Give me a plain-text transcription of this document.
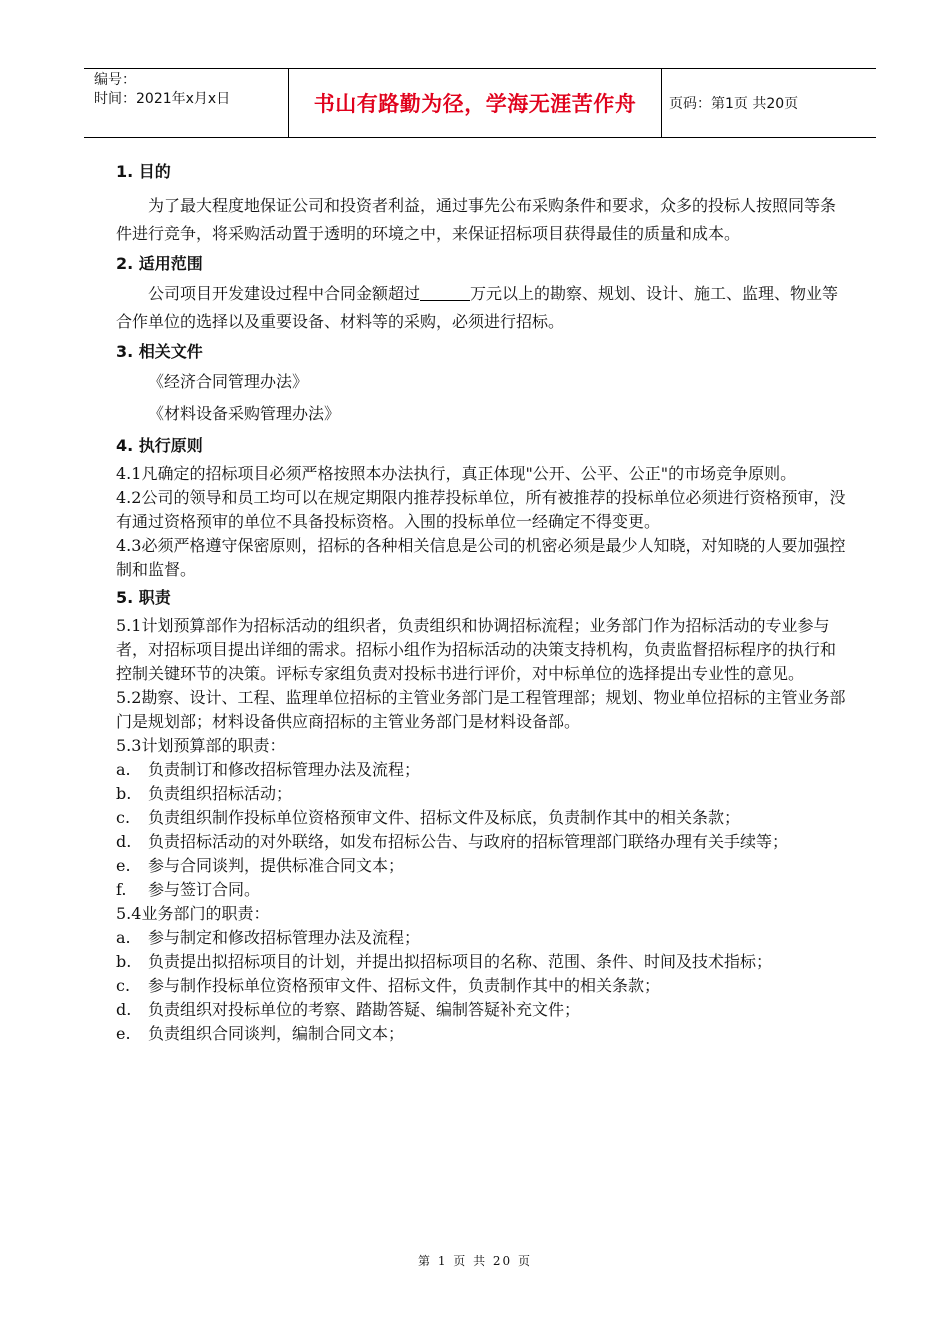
编号：
时间：2021年x月x日	书山有路勤为径，学海无涯苦作舟	页码：第1页 共20页
1. 目的
为了最大程度地保证公司和投资者利益，通过事先公布采购条件和要求，众多的投标人按照同等条件进行竞争，将采购活动置于透明的环境之中，来保证招标项目获得最佳的质量和成本。
2. 适用范围
公司项目开发建设过程中合同金额超过	万元以上的勘察、规划、设计、施工、监理、物业等合作单位的选择以及重要设备、材料等的采购，必须进行招标。
3. 相关文件
《经济合同管理办法》
《材料设备采购管理办法》
4. 执行原则
4.1凡确定的招标项目必须严格按照本办法执行，真正体现"公开、公平、公正"的市场竞争原则。
4.2公司的领导和员工均可以在规定期限内推荐投标单位，所有被推荐的投标单位必须进行资格预审，没有通过资格预审的单位不具备投标资格。入围的投标单位一经确定不得变更。
4.3必须严格遵守保密原则，招标的各种相关信息是公司的机密必须是最少人知晓，对知晓的人要加强控制和监督。
5. 职责
5.1计划预算部作为招标活动的组织者，负责组织和协调招标流程；业务部门作为招标活动的专业参与者，对招标项目提出详细的需求。招标小组作为招标活动的决策支持机构，负责监督招标程序的执行和控制关键环节的决策。评标专家组负责对投标书进行评价，对中标单位的选择提出专业性的意见。
5.2勘察、设计、工程、监理单位招标的主管业务部门是工程管理部；规划、物业单位招标的主管业务部门是规划部；材料设备供应商招标的主管业务部门是材料设备部。
5.3计划预算部的职责：
a.	负责制订和修改招标管理办法及流程；
b.	负责组织招标活动；
c.	负责组织制作投标单位资格预审文件、招标文件及标底，负责制作其中的相关条款；
d.	负责招标活动的对外联络，如发布招标公告、与政府的招标管理部门联络办理有关手续等；
e.	参与合同谈判，提供标准合同文本；
f.	参与签订合同。
5.4业务部门的职责：
a.	参与制定和修改招标管理办法及流程；
b.	负责提出拟招标项目的计划，并提出拟招标项目的名称、范围、条件、时间及技术指标；
c.	参与制作投标单位资格预审文件、招标文件，负责制作其中的相关条款；
d.	负责组织对投标单位的考察、踏勘答疑、编制答疑补充文件；
e.	负责组织合同谈判，编制合同文本；
第 1 页 共 20 页
